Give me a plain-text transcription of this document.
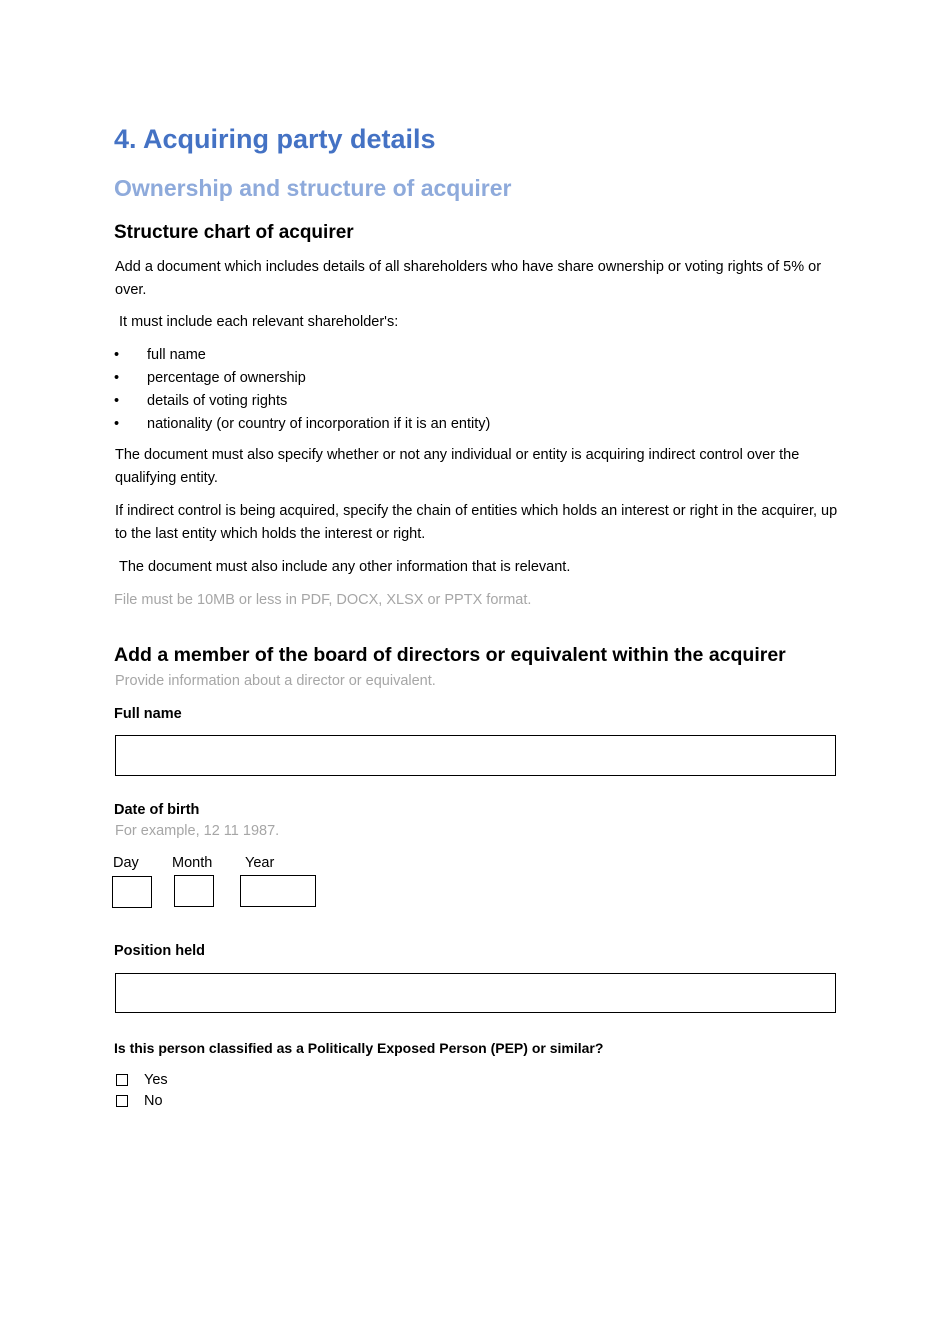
4. Acquiring party details
Ownership and structure of acquirer
Structure chart of acquirer

Add a document which includes details of all shareholders who have share ownership or voting rights of 5% or over.

It must include each relevant shareholder's:

• full name
• percentage of ownership
• details of voting rights
• nationality (or country of incorporation if it is an entity)

The document must also specify whether or not any individual or entity is acquiring indirect control over the qualifying entity.

If indirect control is being acquired, specify the chain of entities which holds an interest or right in the acquirer, up to the last entity which holds the interest or right.

The document must also include any other information that is relevant.

File must be 10MB or less in PDF, DOCX, XLSX or PPTX format.

Add a member of the board of directors or equivalent within the acquirer

Provide information about a director or equivalent.

Full name
Date of birth

For example, 12 11 1987.

Day Month Year
Position held

Is this person classified as a Politically Exposed Person (PEP) or similar?

Yes
No
